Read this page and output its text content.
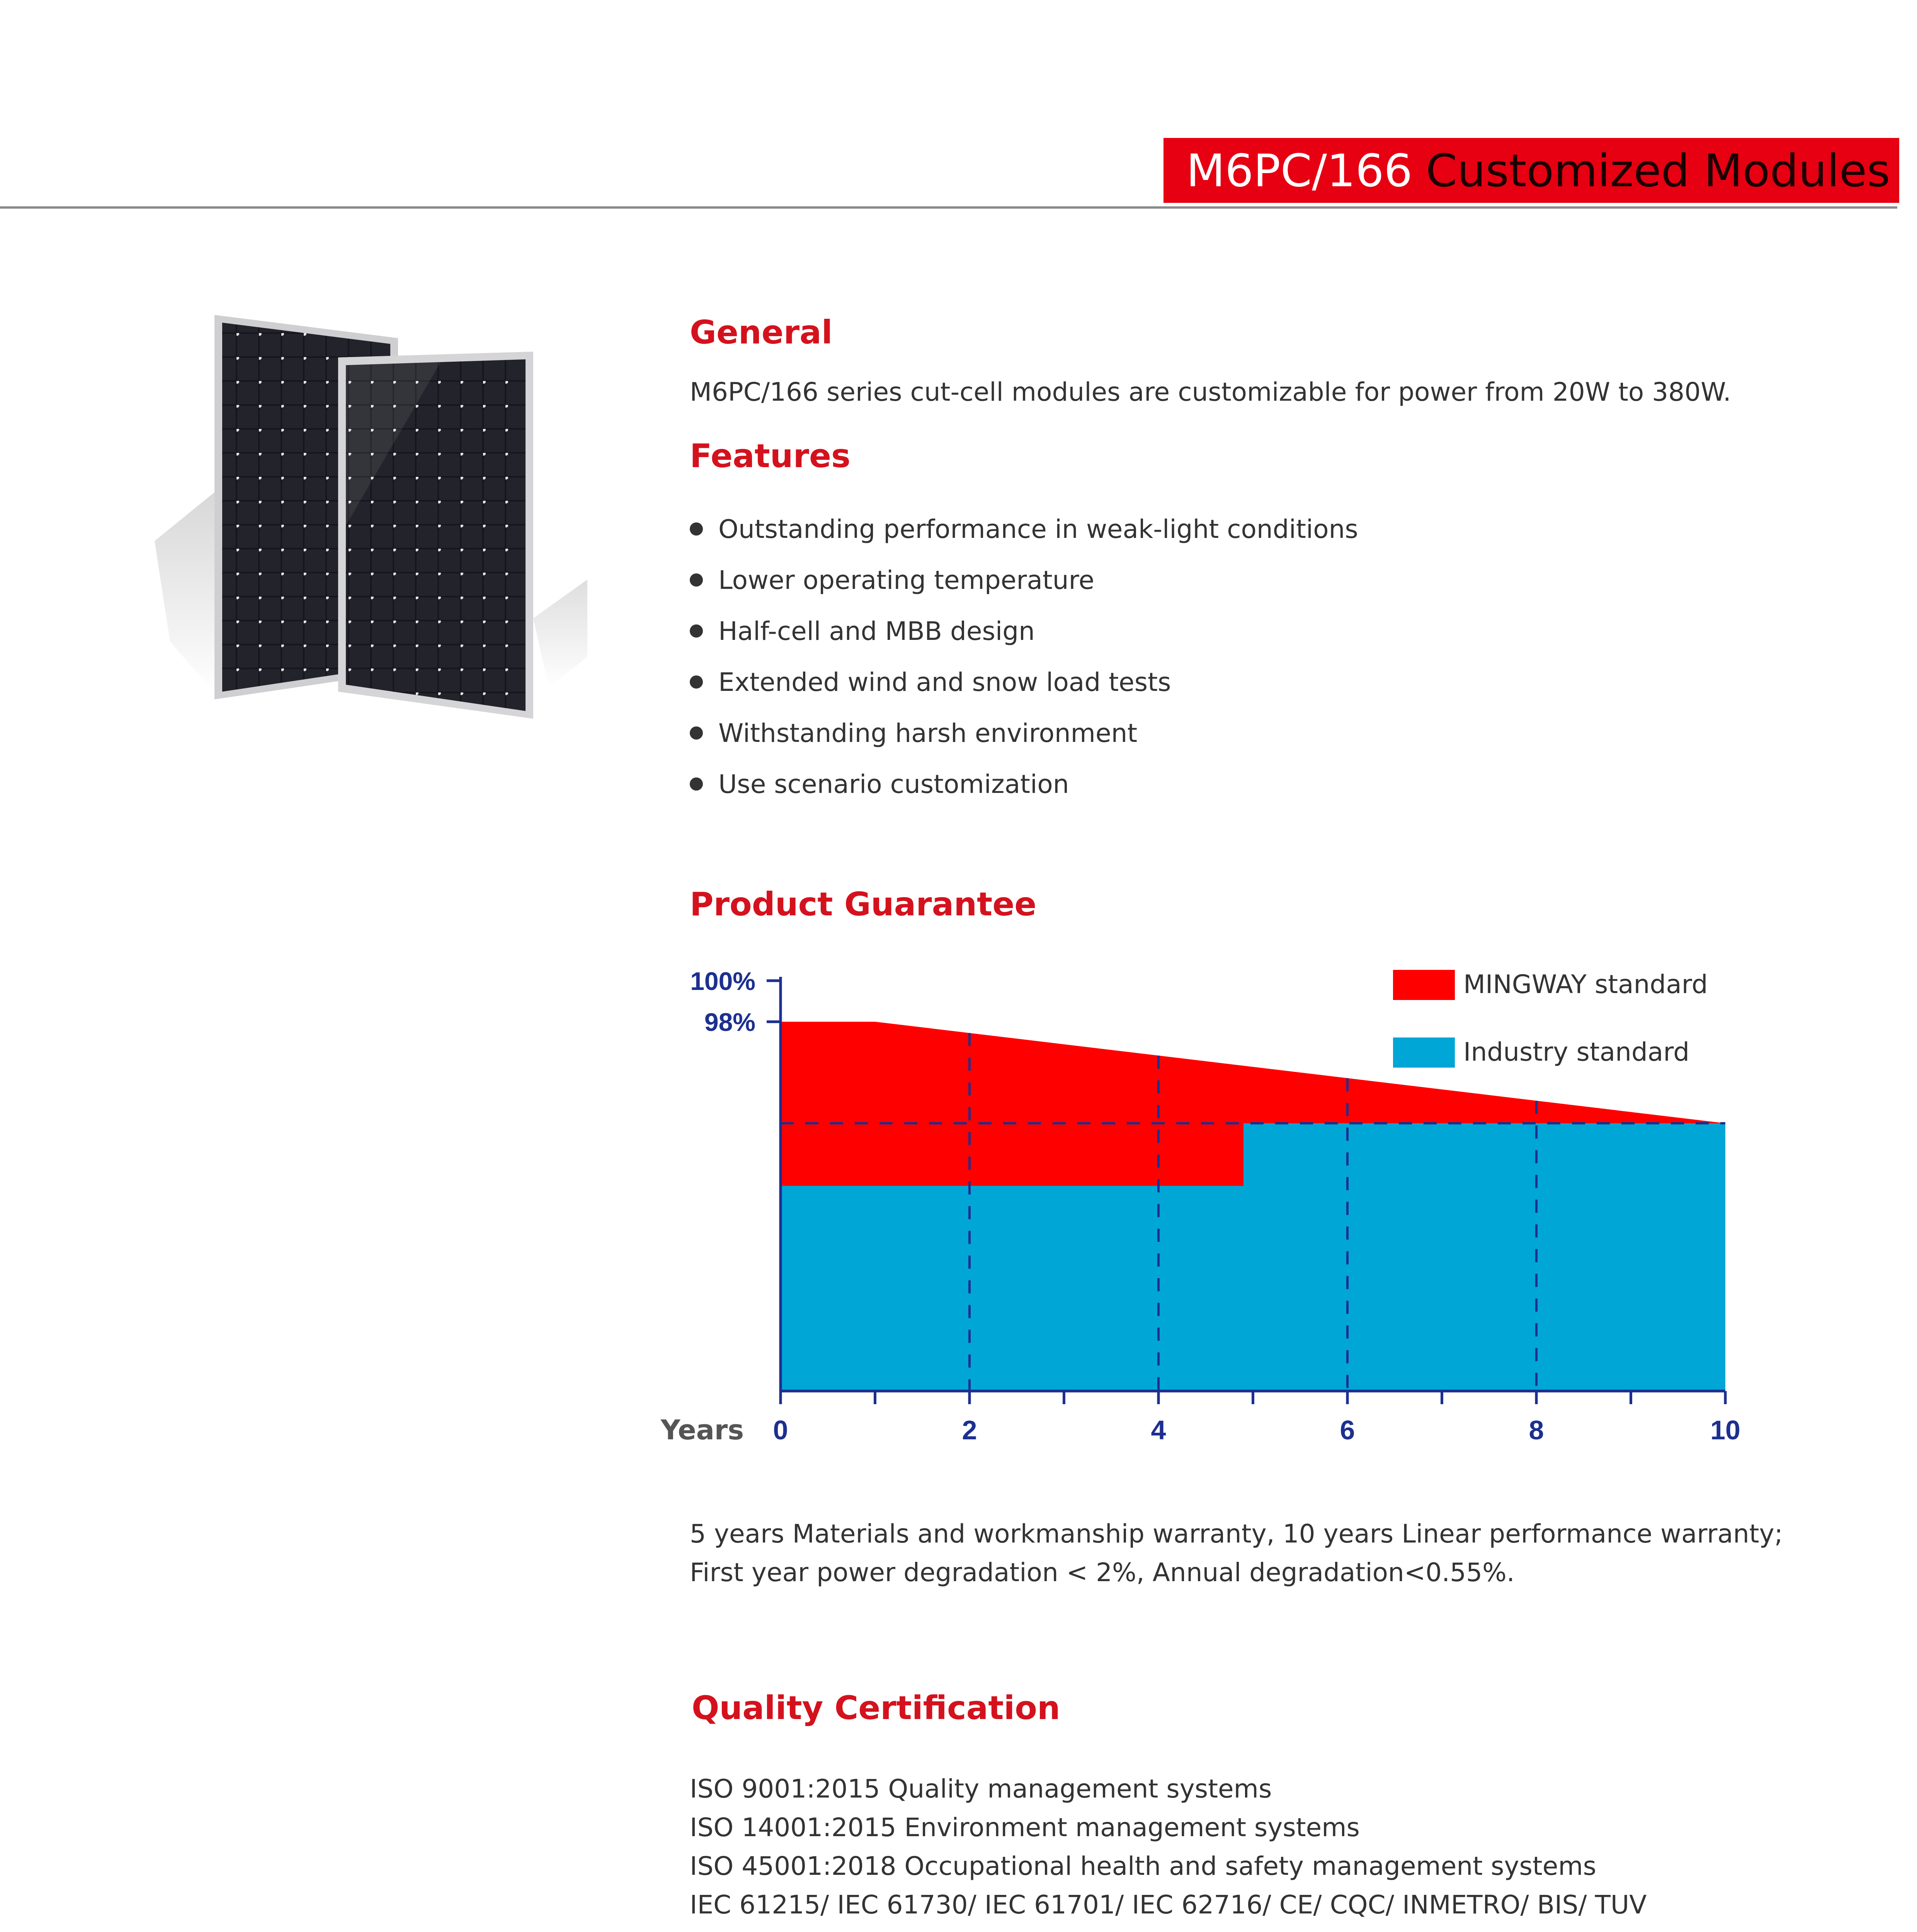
M6PC/166 Customized Modules
General
M6PC/166 series cut-cell modules are customizable for power from 20W to 380W.
Features
Outstanding performance in weak-light conditions
Lower operating temperature
Half-cell and MBB design
Extended wind and snow load tests
Withstanding harsh environment
Use scenario customization
Product Guarantee
0	2	4	6	8	10
100%
98%
Years
MINGWAY standard
Industry standard
5 years Materials and workmanship warranty, 10 years Linear performance warranty;
First year power degradation < 2%, Annual degradation<0.55%.
Quality Certification
ISO 9001:2015 Quality management systems
ISO 14001:2015 Environment management systems
ISO 45001:2018 Occupational health and safety management systems
IEC 61215/ IEC 61730/ IEC 61701/ IEC 62716/ CE/ CQC/ INMETRO/ BIS/ TUV
